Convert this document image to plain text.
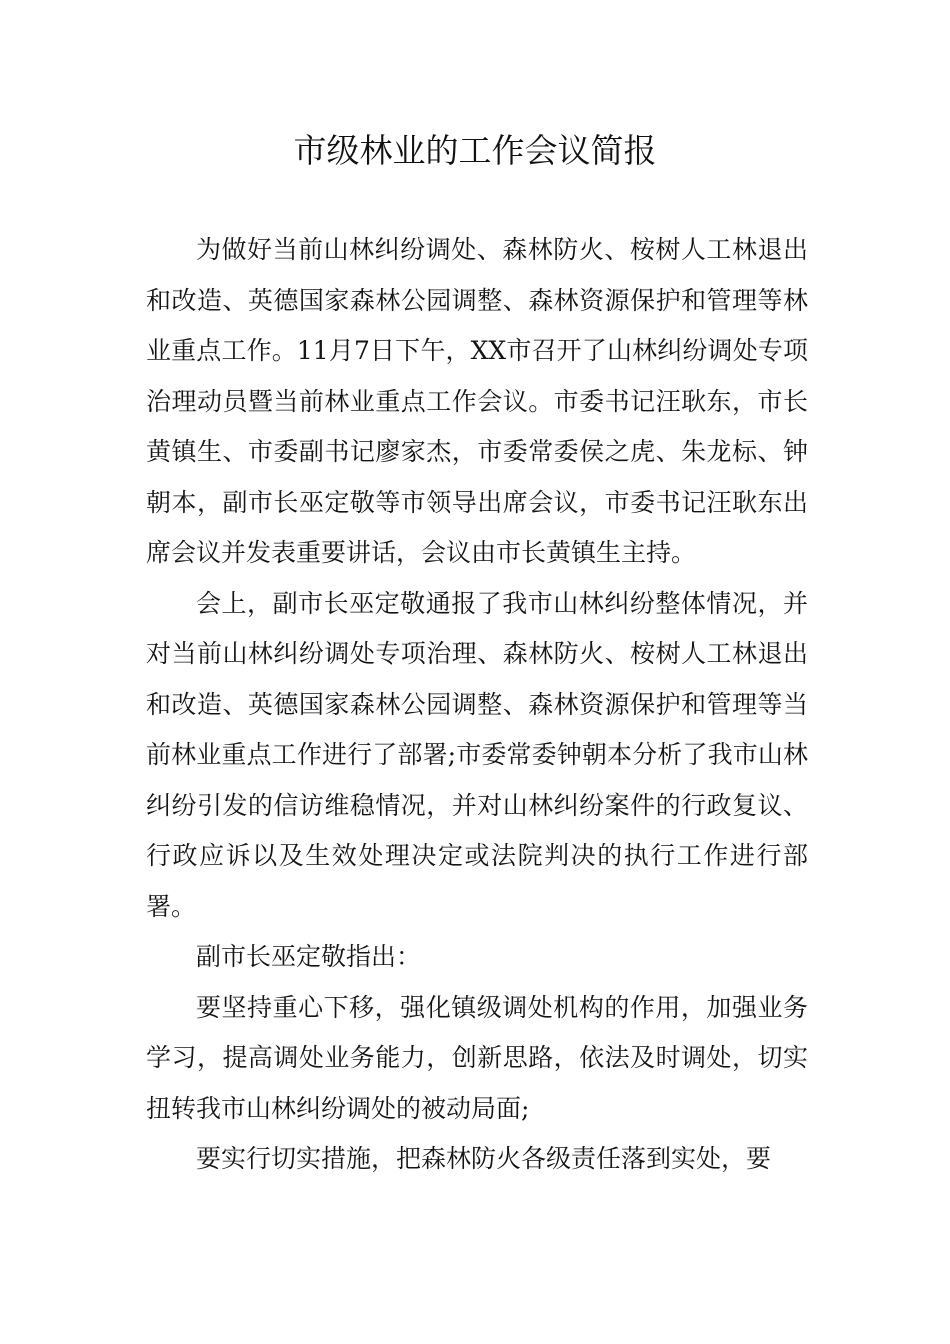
市级林业的工作会议简报

为做好当前山林纠纷调处、森林防火、桉树人工林退出和改造、英德国家森林公园调整、森林资源保护和管理等林业重点工作。11月7日下午，XX市召开了山林纠纷调处专项治理动员暨当前林业重点工作会议。市委书记汪耿东，市长黄镇生、市委副书记廖家杰，市委常委侯之虎、朱龙标、钟朝本，副市长巫定敬等市领导出席会议，市委书记汪耿东出席会议并发表重要讲话，会议由市长黄镇生主持。

会上，副市长巫定敬通报了我市山林纠纷整体情况，并对当前山林纠纷调处专项治理、森林防火、桉树人工林退出和改造、英德国家森林公园调整、森林资源保护和管理等当前林业重点工作进行了部署;市委常委钟朝本分析了我市山林纠纷引发的信访维稳情况，并对山林纠纷案件的行政复议、行政应诉以及生效处理决定或法院判决的执行工作进行部署。

副市长巫定敬指出：

要坚持重心下移，强化镇级调处机构的作用，加强业务学习，提高调处业务能力，创新思路，依法及时调处，切实扭转我市山林纠纷调处的被动局面;

要实行切实措施，把森林防火各级责任落到实处，要
